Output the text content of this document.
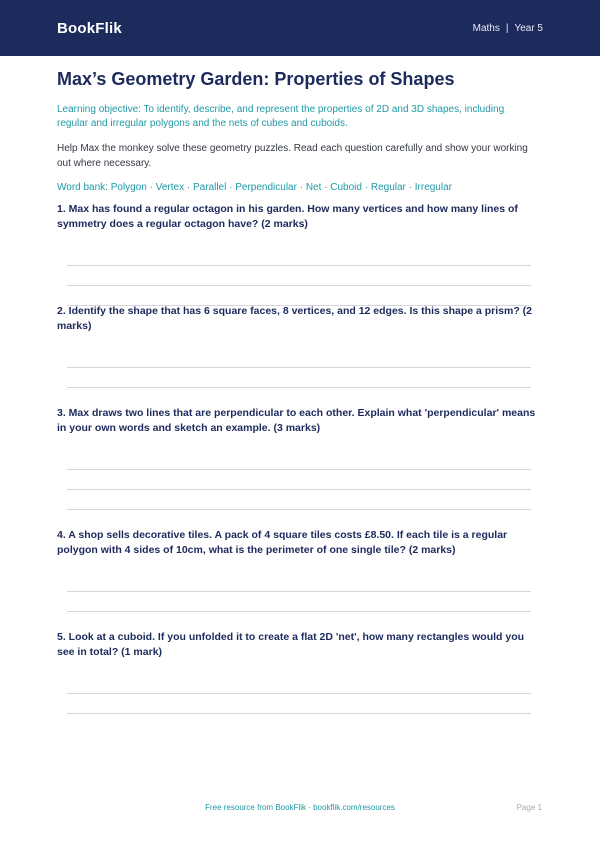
BookFlik	Maths | Year 5
Max’s Geometry Garden: Properties of Shapes

Learning objective: To identify, describe, and represent the properties of 2D and 3D shapes, including regular and irregular polygons and the nets of cubes and cuboids.

Help Max the monkey solve these geometry puzzles. Read each question carefully and show your working out where necessary.

Word bank: Polygon · Vertex · Parallel · Perpendicular · Net · Cuboid · Regular · Irregular

1. Max has found a regular octagon in his garden. How many vertices and how many lines of symmetry does a regular octagon have? (2 marks)
2. Identify the shape that has 6 square faces, 8 vertices, and 12 edges. Is this shape a prism? (2 marks)
3. Max draws two lines that are perpendicular to each other. Explain what 'perpendicular' means in your own words and sketch an example. (3 marks)
4. A shop sells decorative tiles. A pack of 4 square tiles costs £8.50. If each tile is a regular polygon with 4 sides of 10cm, what is the perimeter of one single tile? (2 marks)
5. Look at a cuboid. If you unfolded it to create a flat 2D 'net', how many rectangles would you see in total? (1 mark)
Free resource from BookFlik · bookflik.com/resources	Page 1
